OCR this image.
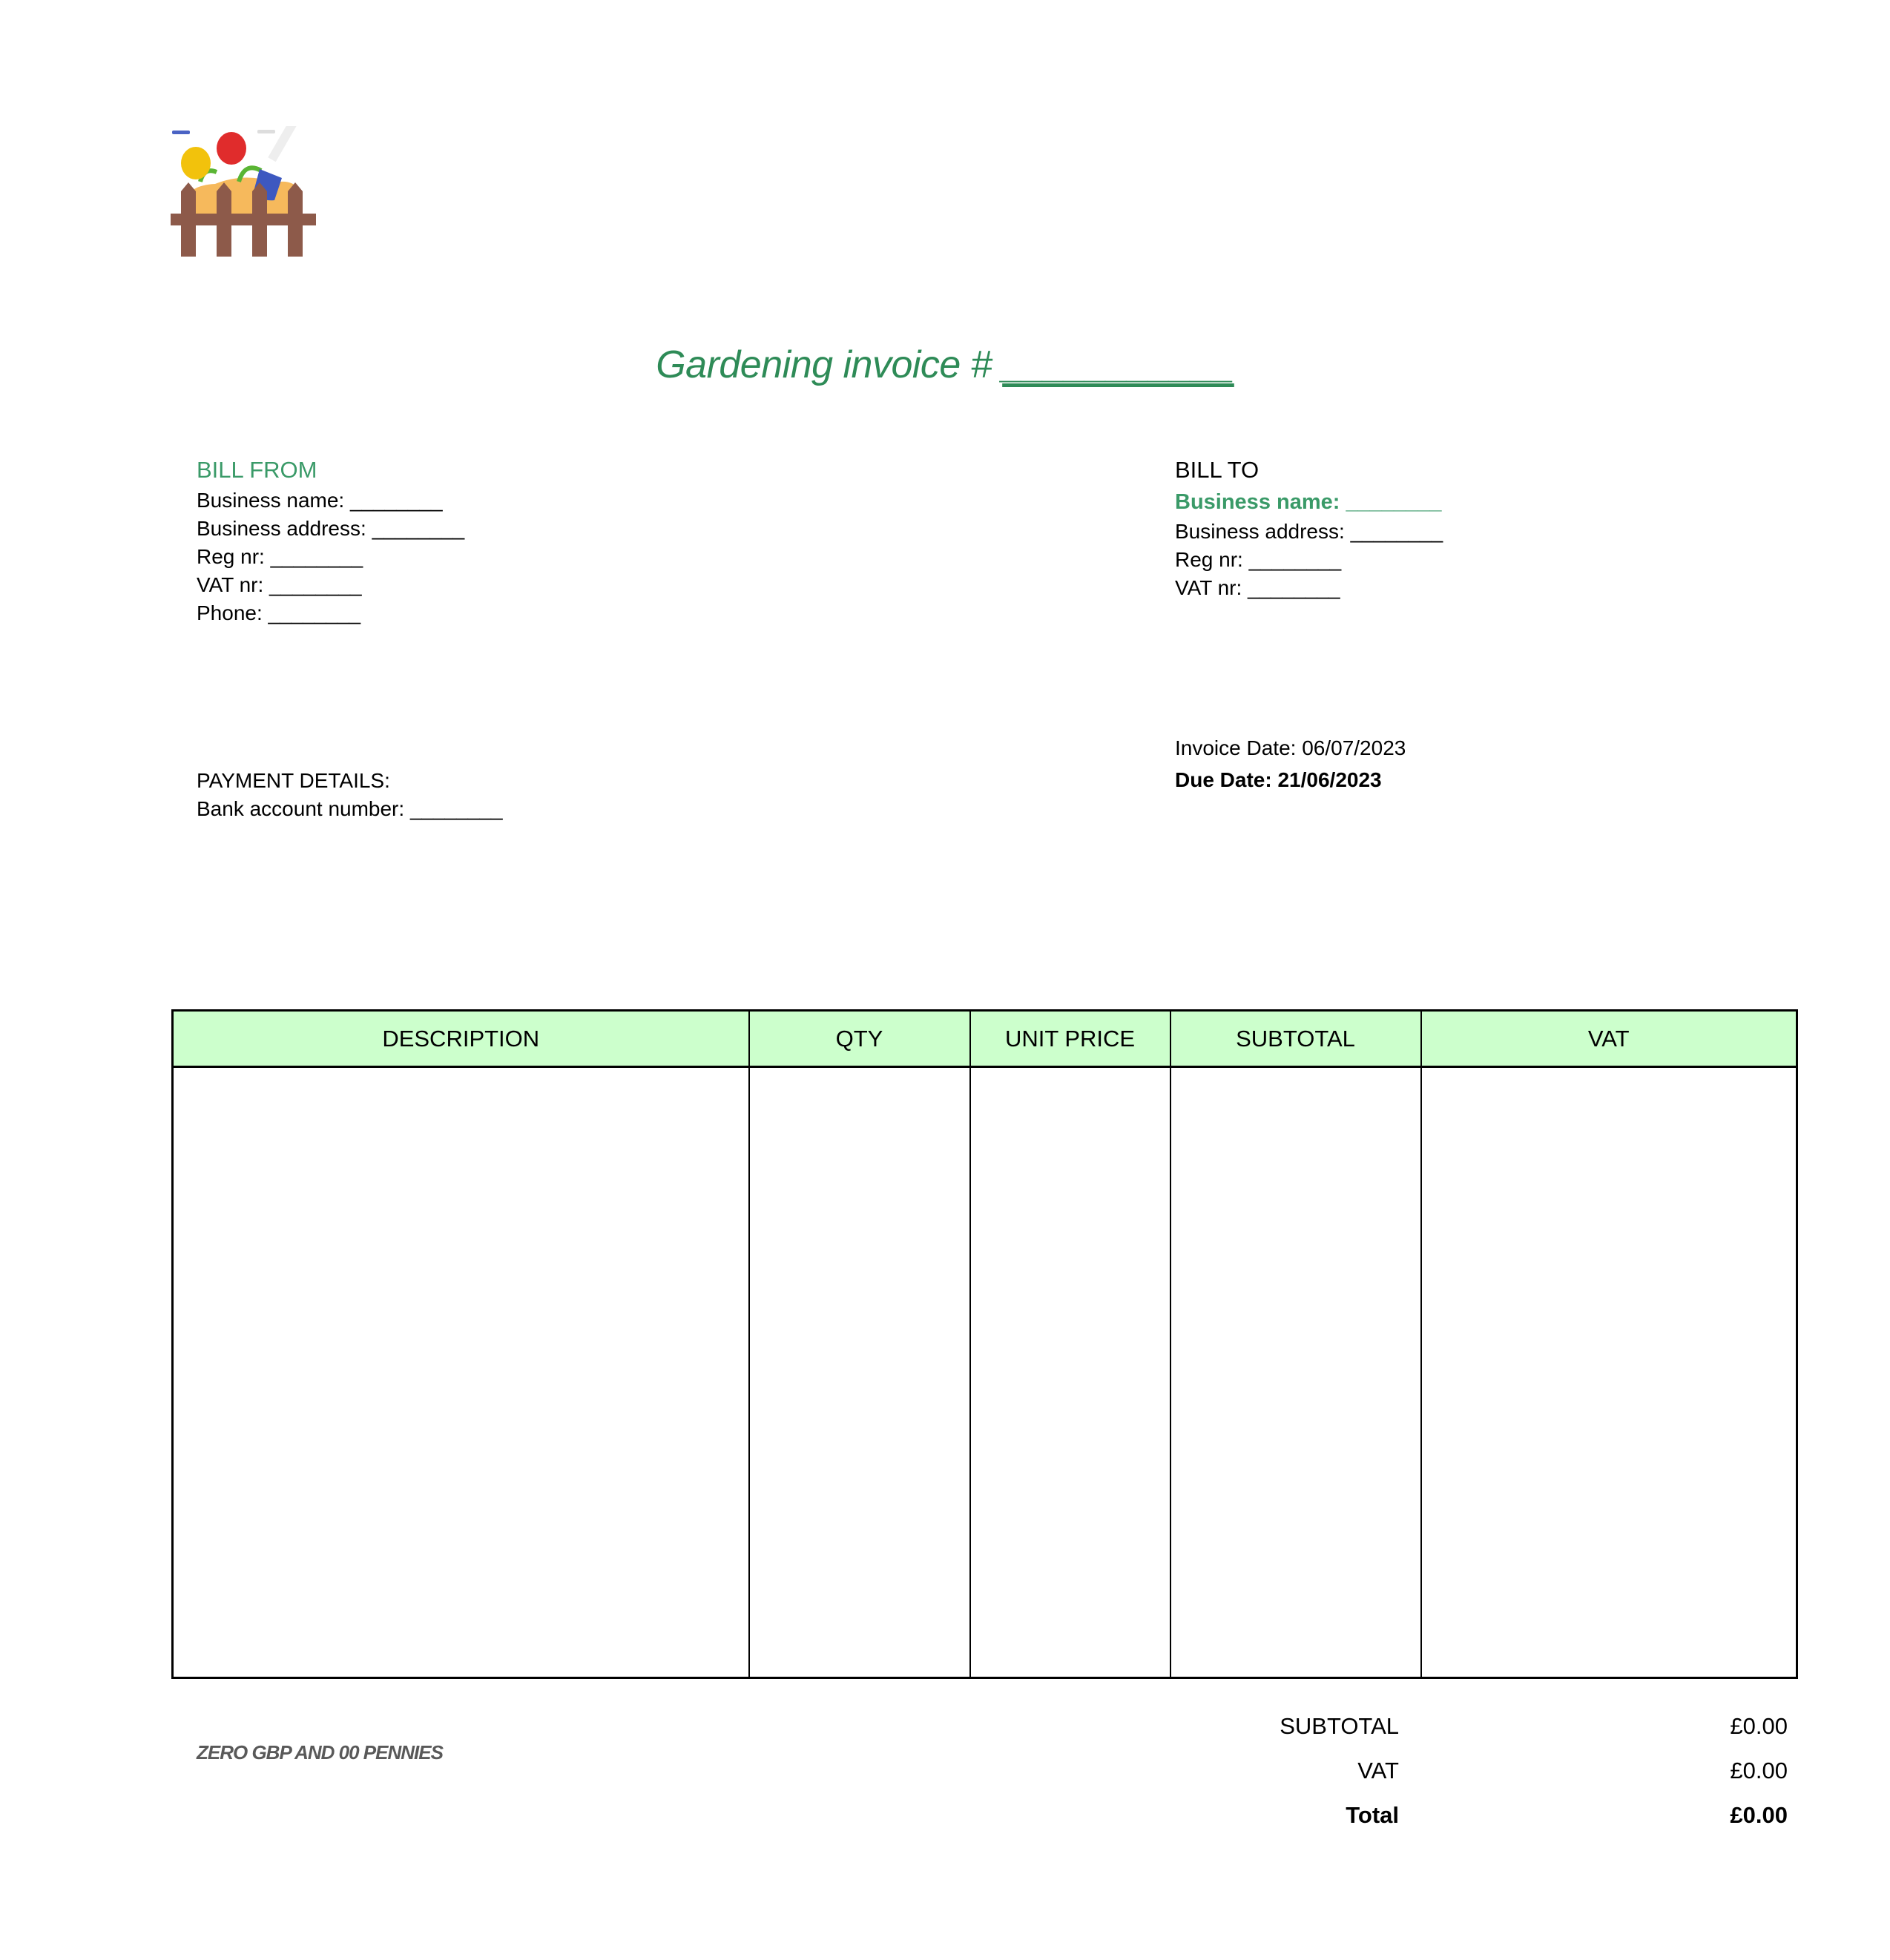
Gardening invoice # ___________
BILL FROM
Business name: ________
Business address: ________
Reg nr: ________
VAT nr: ________
Phone: ________
BILL TO
Business name: ________
Business address: ________
Reg nr: ________
VAT nr: ________
Invoice Date: 06/07/2023
Due Date: 21/06/2023
PAYMENT DETAILS:
Bank account number: ________
DESCRIPTION	QTY	UNIT PRICE	SUBTOTAL	VAT

ZERO GBP AND 00 PENNIES
SUBTOTAL	£0.00
VAT	£0.00
Total	£0.00
